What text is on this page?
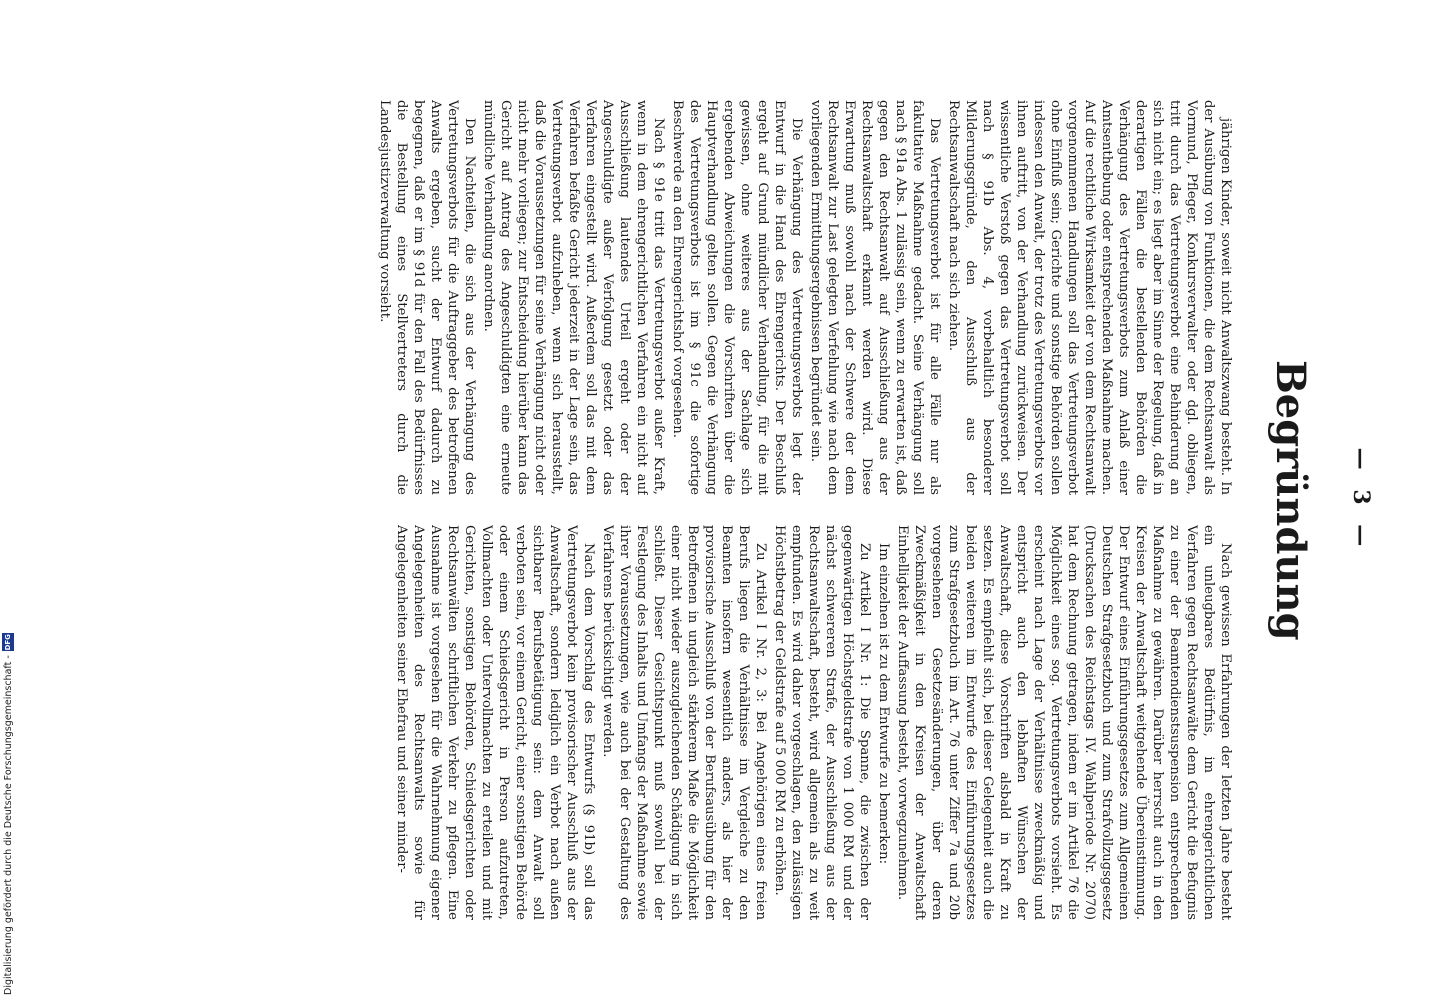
— 3 —
Begründung

Nach gewissen Erfahrungen der letzten Jahre besteht ein unleugbares Bedürfnis, im ehrengerichtlichen Verfahren gegen Rechtsanwälte dem Gericht die Befugnis zu einer der Beamtendienstsuspension entsprechenden Maßnahme zu gewähren. Darüber herrscht auch in den Kreisen der Anwaltschaft weitgehende Übereinstimmung. Der Entwurf eines Einführungsgesetzes zum Allgemeinen Deutschen Strafgesetzbuch und zum Strafvollzugsgesetz (Drucksachen des Reichstags IV. Wahlperiode Nr. 2070) hat dem Rechnung getragen, indem er im Artikel 76 die Möglichkeit eines sog. Vertretungsverbots vorsieht. Es erscheint nach Lage der Verhältnisse zweckmäßig und entspricht auch den lebhaften Wünschen der Anwaltschaft, diese Vorschriften alsbald in Kraft zu setzen. Es empfiehlt sich, bei dieser Gelegenheit auch die beiden weiteren im Entwurfe des Einführungsgesetzes zum Strafgesetzbuch im Art. 76 unter Ziffer 7a und 20b vorgesehenen Gesetzesänderungen, über deren Zweckmäßigkeit in den Kreisen der Anwaltschaft Einhelligkeit der Auffassung besteht, vorwegzunehmen.

Im einzelnen ist zu dem Entwurfe zu bemerken:

Zu Artikel I Nr. 1: Die Spanne, die zwischen der gegenwärtigen Höchstgeldstrafe von 1 000 RM und der nächst schwereren Strafe, der Ausschließung aus der Rechtsanwaltschaft, besteht, wird allgemein als zu weit empfunden. Es wird daher vorgeschlagen, den zulässigen Höchstbetrag der Geldstrafe auf 5 000 RM zu erhöhen.

Zu Artikel I Nr. 2, 3: Bei Angehörigen eines freien Berufs liegen die Verhältnisse im Vergleiche zu den Beamten insofern wesentlich anders, als hier der provisorische Ausschluß von der Berufsausübung für den Betroffenen in ungleich stärkerem Maße die Möglichkeit einer nicht wieder auszugleichenden Schädigung in sich schließt. Dieser Gesichtspunkt muß sowohl bei der Festlegung des Inhalts und Umfangs der Maßnahme sowie ihrer Voraussetzungen, wie auch bei der Gestaltung des Verfahrens berücksichtigt werden.

Nach dem Vorschlag des Entwurfs (§ 91b) soll das Vertretungsverbot kein provisorischer Ausschluß aus der Anwaltschaft, sondern lediglich ein Verbot nach außen sichtbarer Berufsbetätigung sein: dem Anwalt soll verboten sein, vor einem Gericht, einer sonstigen Behörde oder einem Schiedsgericht in Person aufzutreten, Vollmachten oder Untervollmachten zu erteilen und mit Gerichten, sonstigen Behörden, Schiedsgerichten oder Rechtsanwälten schriftlichen Verkehr zu pflegen. Eine Ausnahme ist vorgesehen für die Wahrnehmung eigener Angelegenheiten des Rechtsanwalts sowie für Angelegenheiten seiner Ehefrau und seiner minder-

jährigen Kinder, soweit nicht Anwaltszwang besteht. In der Ausübung von Funktionen, die dem Rechtsanwalt als Vormund, Pfleger, Konkursverwalter oder dgl. obliegen, tritt durch das Vertretungsverbot eine Behinderung an sich nicht ein; es liegt aber im Sinne der Regelung, daß in derartigen Fällen die bestellenden Behörden die Verhängung des Vertretungsverbots zum Anlaß einer Amtsenthebung oder entsprechenden Maßnahme machen. Auf die rechtliche Wirksamkeit der von dem Rechtsanwalt vorgenommenen Handlungen soll das Vertretungsverbot ohne Einfluß sein; Gerichte und sonstige Behörden sollen indessen den Anwalt, der trotz des Vertretungsverbots vor ihnen auftritt, von der Verhandlung zurückweisen. Der wissentliche Verstoß gegen das Vertretungsverbot soll nach § 91b Abs. 4, vorbehaltlich besonderer Milderungsgründe, den Ausschluß aus der Rechtsanwaltschaft nach sich ziehen.

Das Vertretungsverbot ist für alle Fälle nur als fakultative Maßnahme gedacht. Seine Verhängung soll nach § 91a Abs. 1 zulässig sein, wenn zu erwarten ist, daß gegen den Rechtsanwalt auf Ausschließung aus der Rechtsanwaltschaft erkannt werden wird. Diese Erwartung muß sowohl nach der Schwere der dem Rechtsanwalt zur Last gelegten Verfehlung wie nach dem vorliegenden Ermittlungsergebnissen begründet sein.

Die Verhängung des Vertretungsverbots legt der Entwurf in die Hand des Ehrengerichts. Der Beschluß ergeht auf Grund mündlicher Verhandlung, für die mit gewissen, ohne weiteres aus der Sachlage sich ergebenden Abweichungen die Vorschriften über die Hauptverhandlung gelten sollen. Gegen die Verhängung des Vertretungsverbots ist im § 91c die sofortige Beschwerde an den Ehrengerichtshof vorgesehen.

Nach § 91e tritt das Vertretungsverbot außer Kraft, wenn in dem ehrengerichtlichen Verfahren ein nicht auf Ausschließung lautendes Urteil ergeht oder der Angeschuldigte außer Verfolgung gesetzt oder das Verfahren eingestellt wird. Außerdem soll das mit dem Verfahren befaßte Gericht jederzeit in der Lage sein, das Vertretungsverbot aufzuheben, wenn sich herausstellt, daß die Voraussetzungen für seine Verhängung nicht oder nicht mehr vorliegen; zur Entscheidung hierüber kann das Gericht auf Antrag des Angeschuldigten eine erneute mündliche Verhandlung anordnen.

Den Nachteilen, die sich aus der Verhängung des Vertretungsverbots für die Auftraggeber des betroffenen Anwalts ergeben, sucht der Entwurf dadurch zu begegnen, daß er im § 91d für den Fall des Bedürfnisses die Bestellung eines Stellvertreters durch die Landesjustizverwaltung vorsieht.

Digitalisierung gefördert durch die Deutsche Forschungsgemeinschaft -
DFG
